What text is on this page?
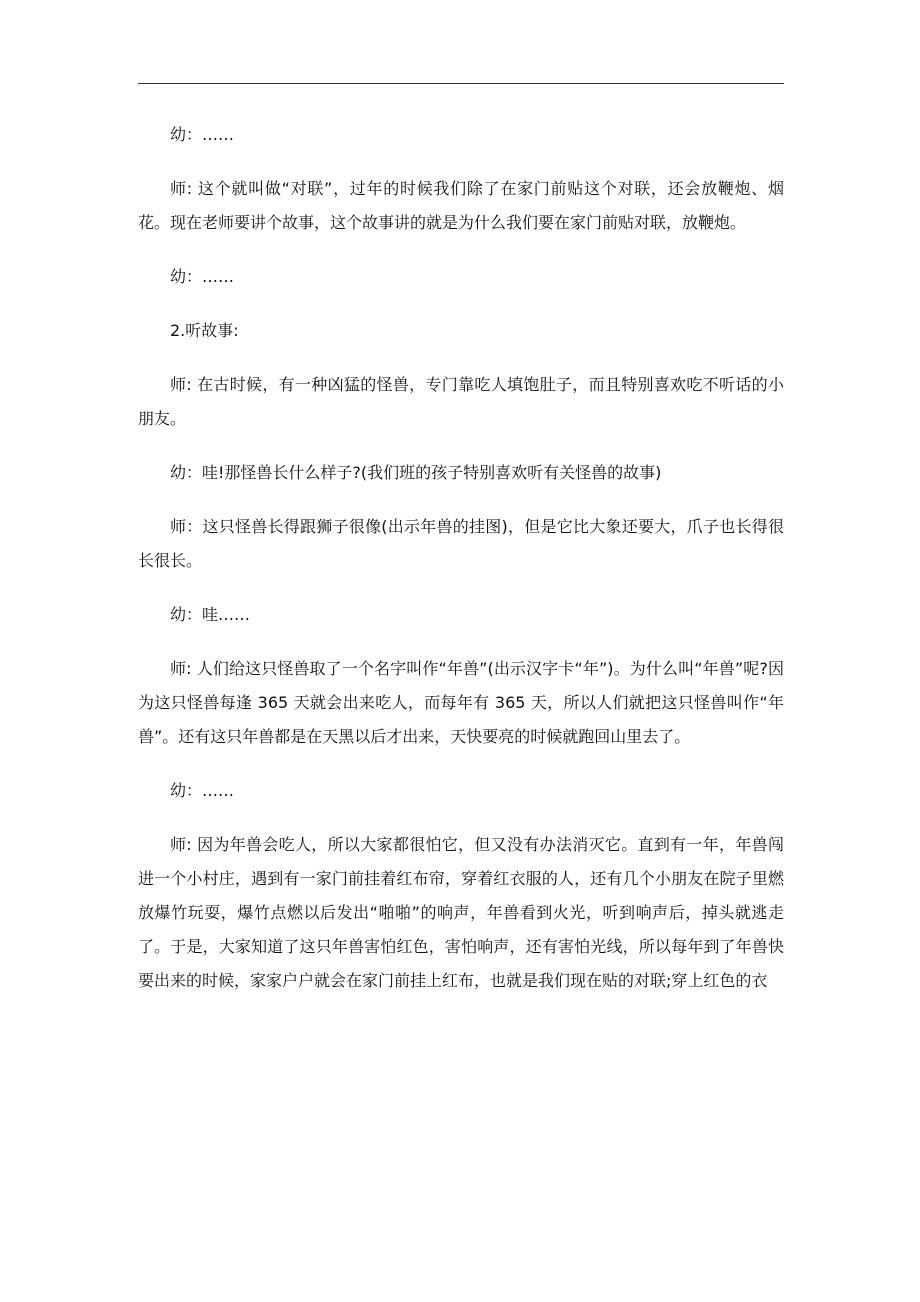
幼：……

师: 这个就叫做“对联”，过年的时候我们除了在家门前贴这个对联，还会放鞭炮、烟花。现在老师要讲个故事，这个故事讲的就是为什么我们要在家门前贴对联，放鞭炮。

幼：……

2.听故事:

师: 在古时候，有一种凶猛的怪兽，专门靠吃人填饱肚子，而且特别喜欢吃不听话的小朋友。

幼：哇!那怪兽长什么样子?(我们班的孩子特别喜欢听有关怪兽的故事)

师：这只怪兽长得跟狮子很像(出示年兽的挂图)，但是它比大象还要大，爪子也长得很长很长。

幼：哇……

师: 人们给这只怪兽取了一个名字叫作“年兽”(出示汉字卡“年”)。为什么叫“年兽”呢?因为这只怪兽每逢 365 天就会出来吃人，而每年有 365 天，所以人们就把这只怪兽叫作“年兽”。还有这只年兽都是在天黑以后才出来，天快要亮的时候就跑回山里去了。

幼：……

师: 因为年兽会吃人，所以大家都很怕它，但又没有办法消灭它。直到有一年，年兽闯进一个小村庄，遇到有一家门前挂着红布帘，穿着红衣服的人，还有几个小朋友在院子里燃放爆竹玩耍，爆竹点燃以后发出“啪啪”的响声，年兽看到火光，听到响声后，掉头就逃走了。于是，大家知道了这只年兽害怕红色，害怕响声，还有害怕光线，所以每年到了年兽快要出来的时候，家家户户就会在家门前挂上红布，也就是我们现在贴的对联;穿上红色的衣
